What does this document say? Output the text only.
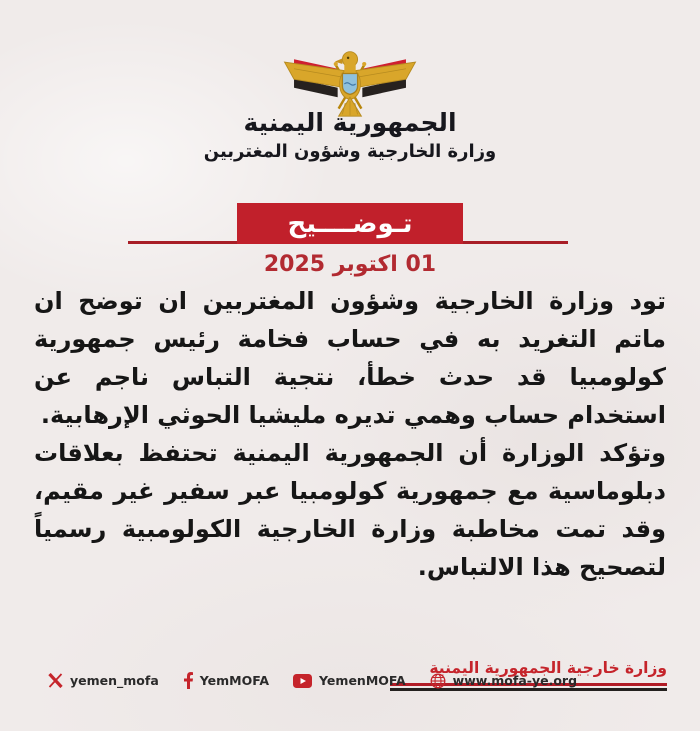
الجمهورية اليمنية
وزارة الخارجية وشؤون المغتربين
تـوضــــيح
01 اكتوبر 2025

تود وزارة الخارجية وشؤون المغتربين ان توضح ان ماتم التغريد به في حساب فخامة رئيس جمهورية كولومبيا قد حدث خطأ، نتجية التباس ناجم عن استخدام حساب وهمي تديره مليشيا الحوثي الإرهابية.

وتؤكد الوزارة أن الجمهورية اليمنية تحتفظ بعلاقات دبلوماسية مع جمهورية كولومبيا عبر سفير غير مقيم، وقد تمت مخاطبة وزارة الخارجية الكولومبية رسمياً لتصحيح هذا الالتباس.

وزارة خارجية الجمهورية اليمنية
yemen_mofa	YemMOFA	YemenMOFA	www.mofa-ye.org
